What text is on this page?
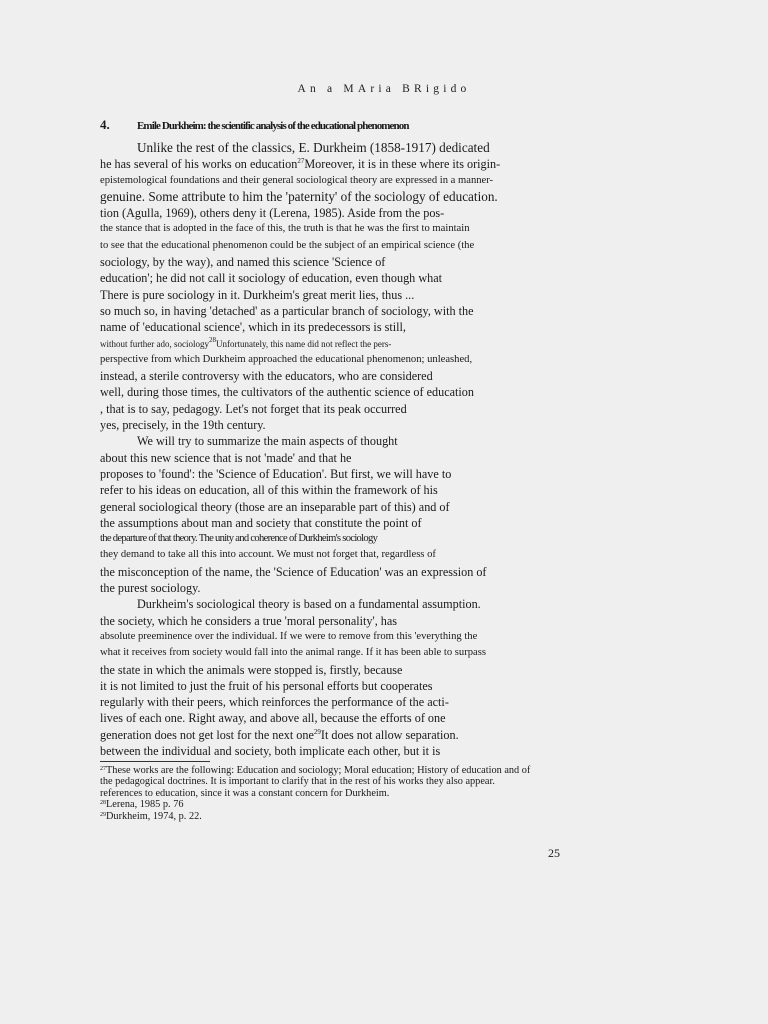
An a MAria BRigido
4. Emile Durkheim: the scientific analysis of the educational phenomenon
Unlike the rest of the classics, E. Durkheim (1858-1917) dedicated
he has several of his works on education$^{27}$Moreover, it is in these where its origin-
epistemological foundations and their general sociological theory are expressed in a manner-
genuine. Some attribute to him the 'paternity' of the sociology of education.
tion (Agulla, 1969), others deny it (Lerena, 1985). Aside from the pos-
the stance that is adopted in the face of this, the truth is that he was the first to maintain
to see that the educational phenomenon could be the subject of an empirical science (the
sociology, by the way), and named this science 'Science of
education'; he did not call it sociology of education, even though what
There is pure sociology in it. Durkheim's great merit lies, thus ...
so much so, in having 'detached' as a particular branch of sociology, with the
name of 'educational science', which in its predecessors is still,
without further ado, sociology$^{28}$Unfortunately, this name did not reflect the pers-
perspective from which Durkheim approached the educational phenomenon; unleashed,
instead, a sterile controversy with the educators, who are considered
well, during those times, the cultivators of the authentic science of education
, that is to say, pedagogy. Let's not forget that its peak occurred
yes, precisely, in the 19th century.
We will try to summarize the main aspects of thought
about this new science that is not 'made' and that he
proposes to 'found': the 'Science of Education'. But first, we will have to
refer to his ideas on education, all of this within the framework of his
general sociological theory (those are an inseparable part of this) and of
the assumptions about man and society that constitute the point of
the departure of that theory. The unity and coherence of Durkheim's sociology
they demand to take all this into account. We must not forget that, regardless of
the misconception of the name, the 'Science of Education' was an expression of
the purest sociology.
Durkheim's sociological theory is based on a fundamental assumption.
the society, which he considers a true 'moral personality', has
absolute preeminence over the individual. If we were to remove from this 'everything the
what it receives from society would fall into the animal range. If it has been able to surpass
the state in which the animals were stopped is, firstly, because
it is not limited to just the fruit of his personal efforts but cooperates
regularly with their peers, which reinforces the performance of the acti-
lives of each one. Right away, and above all, because the efforts of one
generation does not get lost for the next one$^{29}$It does not allow separation.
between the individual and society, both implicate each other, but it is
$^{27}$These works are the following: Education and sociology; Moral education; History of education and of
the pedagogical doctrines. It is important to clarify that in the rest of his works they also appear.
references to education, since it was a constant concern for Durkheim.
$^{28}$Lerena, 1985 p. 76
$^{29}$Durkheim, 1974, p. 22.
25
